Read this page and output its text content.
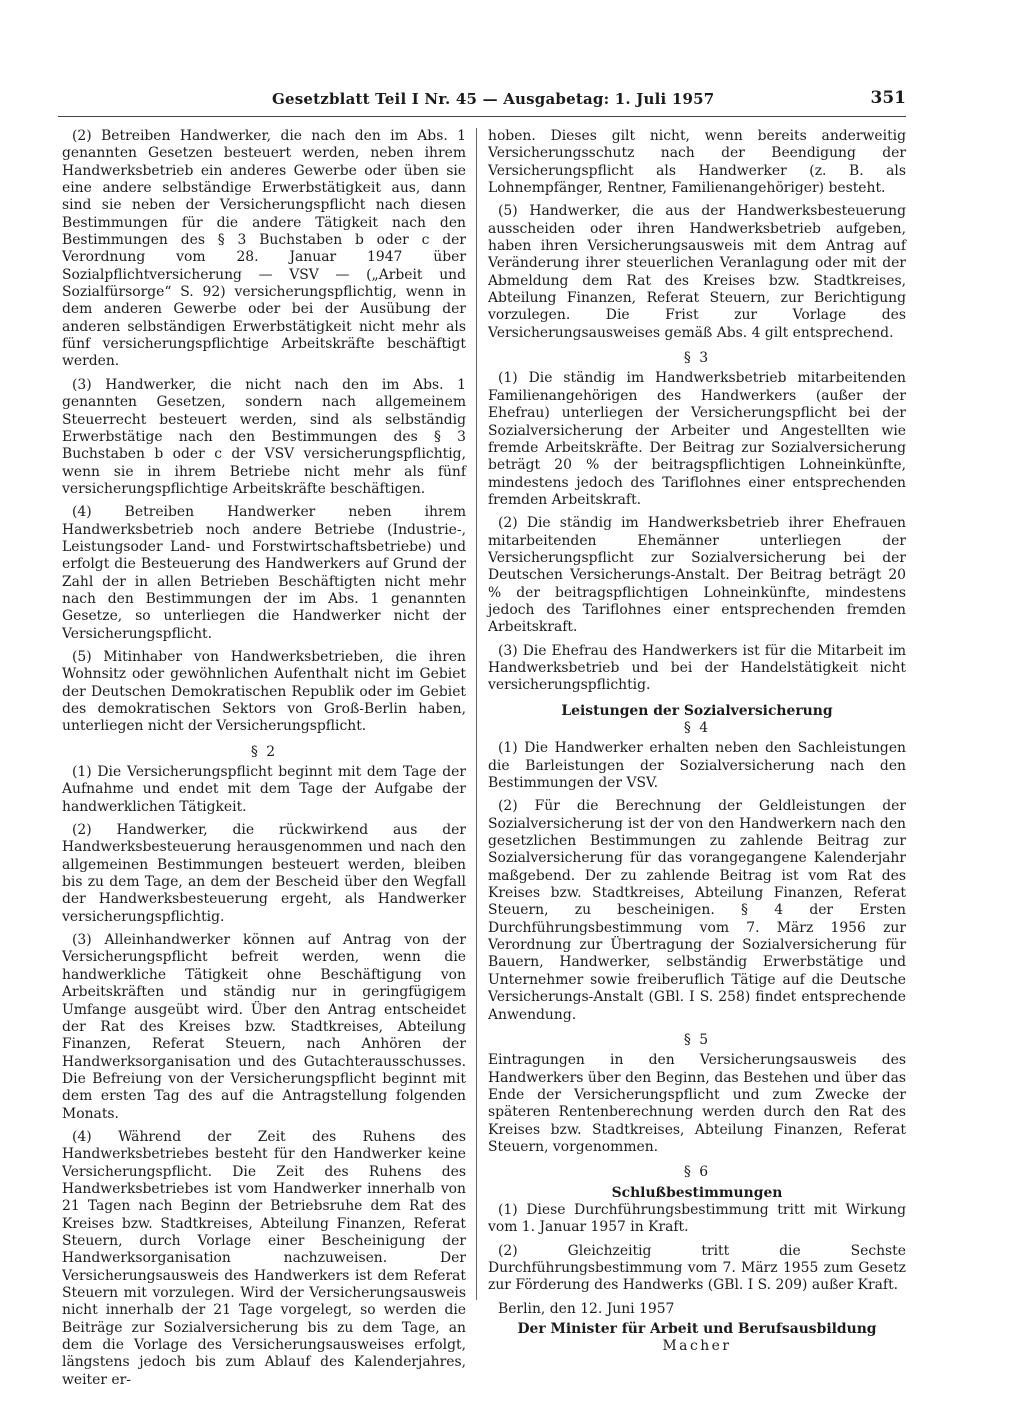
Gesetzblatt Teil I Nr. 45 — Ausgabetag: 1. Juli 1957	351

(2) Betreiben Handwerker, die nach den im Abs. 1 genannten Gesetzen besteuert werden, neben ihrem Handwerksbetrieb ein anderes Gewerbe oder üben sie eine andere selbständige Erwerbstätigkeit aus, dann sind sie neben der Versicherungspflicht nach diesen Bestimmungen für die andere Tätigkeit nach den Bestimmungen des § 3 Buchstaben b oder c der Verordnung vom 28. Januar 1947 über Sozialpflichtversicherung — VSV — („Arbeit und Sozialfürsorge“ S. 92) versicherungspflichtig, wenn in dem anderen Gewerbe oder bei der Ausübung der anderen selbständigen Erwerbstätigkeit nicht mehr als fünf versicherungspflichtige Arbeitskräfte beschäftigt werden.

(3) Handwerker, die nicht nach den im Abs. 1 genannten Gesetzen, sondern nach allgemeinem Steuerrecht besteuert werden, sind als selbständig Erwerbstätige nach den Bestimmungen des § 3 Buchstaben b oder c der VSV versicherungspflichtig, wenn sie in ihrem Betriebe nicht mehr als fünf versicherungspflichtige Arbeitskräfte beschäftigen.

(4) Betreiben Handwerker neben ihrem Handwerksbetrieb noch andere Betriebe (Industrie-, Leistungsoder Land- und Forstwirtschaftsbetriebe) und erfolgt die Besteuerung des Handwerkers auf Grund der Zahl der in allen Betrieben Beschäftigten nicht mehr nach den Bestimmungen der im Abs. 1 genannten Gesetze, so unterliegen die Handwerker nicht der Versicherungspflicht.

(5) Mitinhaber von Handwerksbetrieben, die ihren Wohnsitz oder gewöhnlichen Aufenthalt nicht im Gebiet der Deutschen Demokratischen Republik oder im Gebiet des demokratischen Sektors von Groß-Berlin haben, unterliegen nicht der Versicherungspflicht.

§ 2

(1) Die Versicherungspflicht beginnt mit dem Tage der Aufnahme und endet mit dem Tage der Aufgabe der handwerklichen Tätigkeit.

(2) Handwerker, die rückwirkend aus der Handwerksbesteuerung herausgenommen und nach den allgemeinen Bestimmungen besteuert werden, bleiben bis zu dem Tage, an dem der Bescheid über den Wegfall der Handwerksbesteuerung ergeht, als Handwerker versicherungspflichtig.

(3) Alleinhandwerker können auf Antrag von der Versicherungspflicht befreit werden, wenn die handwerkliche Tätigkeit ohne Beschäftigung von Arbeitskräften und ständig nur in geringfügigem Umfange ausgeübt wird. Über den Antrag entscheidet der Rat des Kreises bzw. Stadtkreises, Abteilung Finanzen, Referat Steuern, nach Anhören der Handwerksorganisation und des Gutachterausschusses. Die Befreiung von der Versicherungspflicht beginnt mit dem ersten Tag des auf die Antragstellung folgenden Monats.

(4) Während der Zeit des Ruhens des Handwerksbetriebes besteht für den Handwerker keine Versicherungspflicht. Die Zeit des Ruhens des Handwerksbetriebes ist vom Handwerker innerhalb von 21 Tagen nach Beginn der Betriebsruhe dem Rat des Kreises bzw. Stadtkreises, Abteilung Finanzen, Referat Steuern, durch Vorlage einer Bescheinigung der Handwerksorganisation nachzuweisen. Der Versicherungsausweis des Handwerkers ist dem Referat Steuern mit vorzulegen. Wird der Versicherungsausweis nicht innerhalb der 21 Tage vorgelegt, so werden die Beiträge zur Sozialversicherung bis zu dem Tage, an dem die Vorlage des Versicherungsausweises erfolgt, längstens jedoch bis zum Ablauf des Kalenderjahres, weiter er-

hoben. Dieses gilt nicht, wenn bereits anderweitig Versicherungsschutz nach der Beendigung der Versicherungspflicht als Handwerker (z. B. als Lohnempfänger, Rentner, Familienangehöriger) besteht.

(5) Handwerker, die aus der Handwerksbesteuerung ausscheiden oder ihren Handwerksbetrieb aufgeben, haben ihren Versicherungsausweis mit dem Antrag auf Veränderung ihrer steuerlichen Veranlagung oder mit der Abmeldung dem Rat des Kreises bzw. Stadtkreises, Abteilung Finanzen, Referat Steuern, zur Berichtigung vorzulegen. Die Frist zur Vorlage des Versicherungsausweises gemäß Abs. 4 gilt entsprechend.

§ 3

(1) Die ständig im Handwerksbetrieb mitarbeitenden Familienangehörigen des Handwerkers (außer der Ehefrau) unterliegen der Versicherungspflicht bei der Sozialversicherung der Arbeiter und Angestellten wie fremde Arbeitskräfte. Der Beitrag zur Sozialversicherung beträgt 20 % der beitragspflichtigen Lohneinkünfte, mindestens jedoch des Tariflohnes einer entsprechenden fremden Arbeitskraft.

(2) Die ständig im Handwerksbetrieb ihrer Ehefrauen mitarbeitenden Ehemänner unterliegen der Versicherungspflicht zur Sozialversicherung bei der Deutschen Versicherungs-Anstalt. Der Beitrag beträgt 20 % der beitragspflichtigen Lohneinkünfte, mindestens jedoch des Tariflohnes einer entsprechenden fremden Arbeitskraft.

(3) Die Ehefrau des Handwerkers ist für die Mitarbeit im Handwerksbetrieb und bei der Handelstätigkeit nicht versicherungspflichtig.

Leistungen der Sozialversicherung
§ 4

(1) Die Handwerker erhalten neben den Sachleistungen die Barleistungen der Sozialversicherung nach den Bestimmungen der VSV.

(2) Für die Berechnung der Geldleistungen der Sozialversicherung ist der von den Handwerkern nach den gesetzlichen Bestimmungen zu zahlende Beitrag zur Sozialversicherung für das vorangegangene Kalenderjahr maßgebend. Der zu zahlende Beitrag ist vom Rat des Kreises bzw. Stadtkreises, Abteilung Finanzen, Referat Steuern, zu bescheinigen. § 4 der Ersten Durchführungsbestimmung vom 7. März 1956 zur Verordnung zur Übertragung der Sozialversicherung für Bauern, Handwerker, selbständig Erwerbstätige und Unternehmer sowie freiberuflich Tätige auf die Deutsche Versicherungs-Anstalt (GBl. I S. 258) findet entsprechende Anwendung.

§ 5

Eintragungen in den Versicherungsausweis des Handwerkers über den Beginn, das Bestehen und über das Ende der Versicherungspflicht und zum Zwecke der späteren Rentenberechnung werden durch den Rat des Kreises bzw. Stadtkreises, Abteilung Finanzen, Referat Steuern, vorgenommen.

§ 6
Schlußbestimmungen

(1) Diese Durchführungsbestimmung tritt mit Wirkung vom 1. Januar 1957 in Kraft.

(2) Gleichzeitig tritt die Sechste Durchführungsbestimmung vom 7. März 1955 zum Gesetz zur Förderung des Handwerks (GBl. I S. 209) außer Kraft.

Berlin, den 12. Juni 1957
Der Minister für Arbeit und Berufsausbildung
Macher
